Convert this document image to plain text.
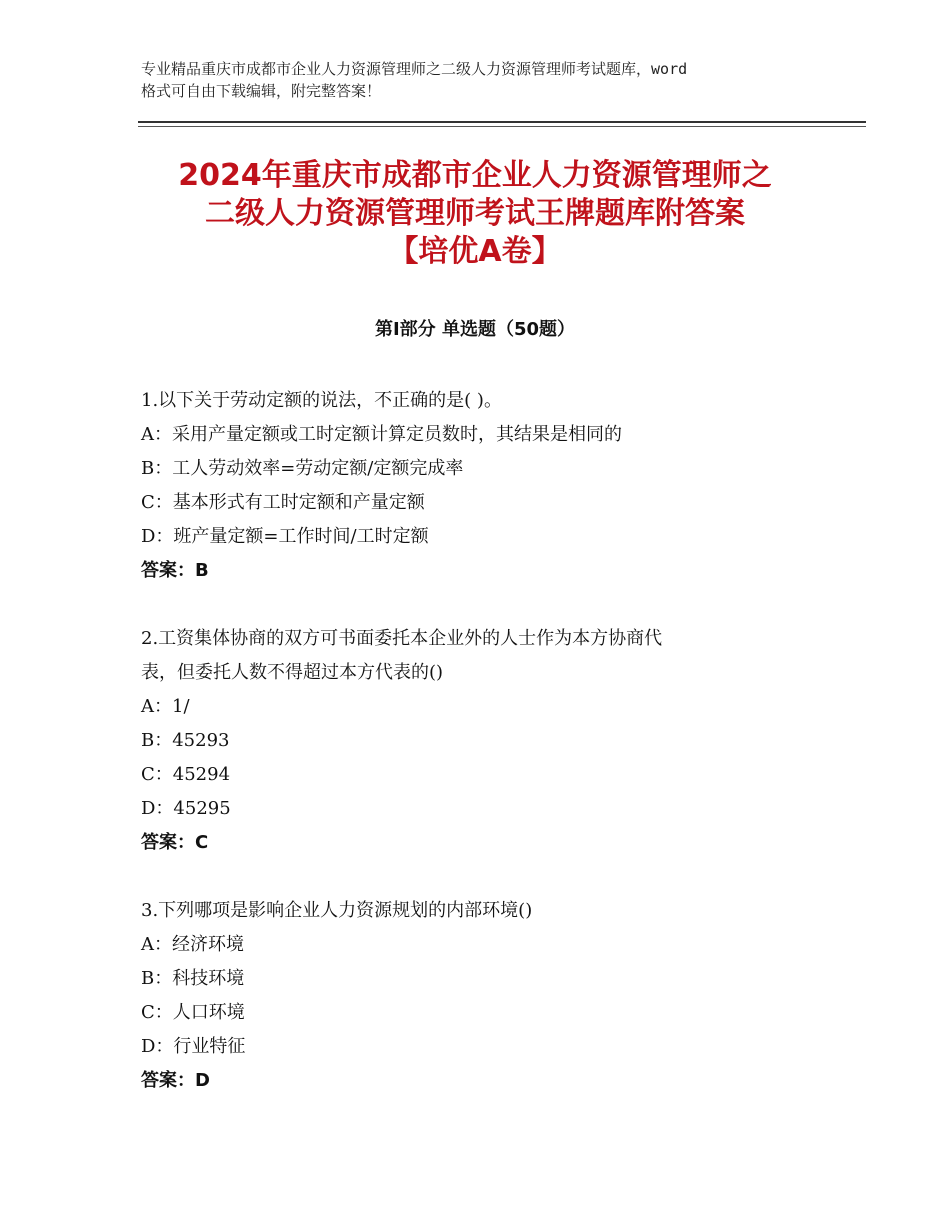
专业精品重庆市成都市企业人力资源管理师之二级人力资源管理师考试题库，word
格式可自由下载编辑，附完整答案！
2024年重庆市成都市企业人力资源管理师之
二级人力资源管理师考试王牌题库附答案
【培优A卷】
第Ⅰ部分 单选题（50题）
1.以下关于劳动定额的说法，不正确的是( )。
A：采用产量定额或工时定额计算定员数时，其结果是相同的
B：工人劳动效率=劳动定额/定额完成率
C：基本形式有工时定额和产量定额
D：班产量定额=工作时间/工时定额
答案：B
2.工资集体协商的双方可书面委托本企业外的人士作为本方协商代
表，但委托人数不得超过本方代表的()
A：1/
B：45293
C：45294
D：45295
答案：C
3.下列哪项是影响企业人力资源规划的内部环境()
A：经济环境
B：科技环境
C：人口环境
D：行业特征
答案：D
